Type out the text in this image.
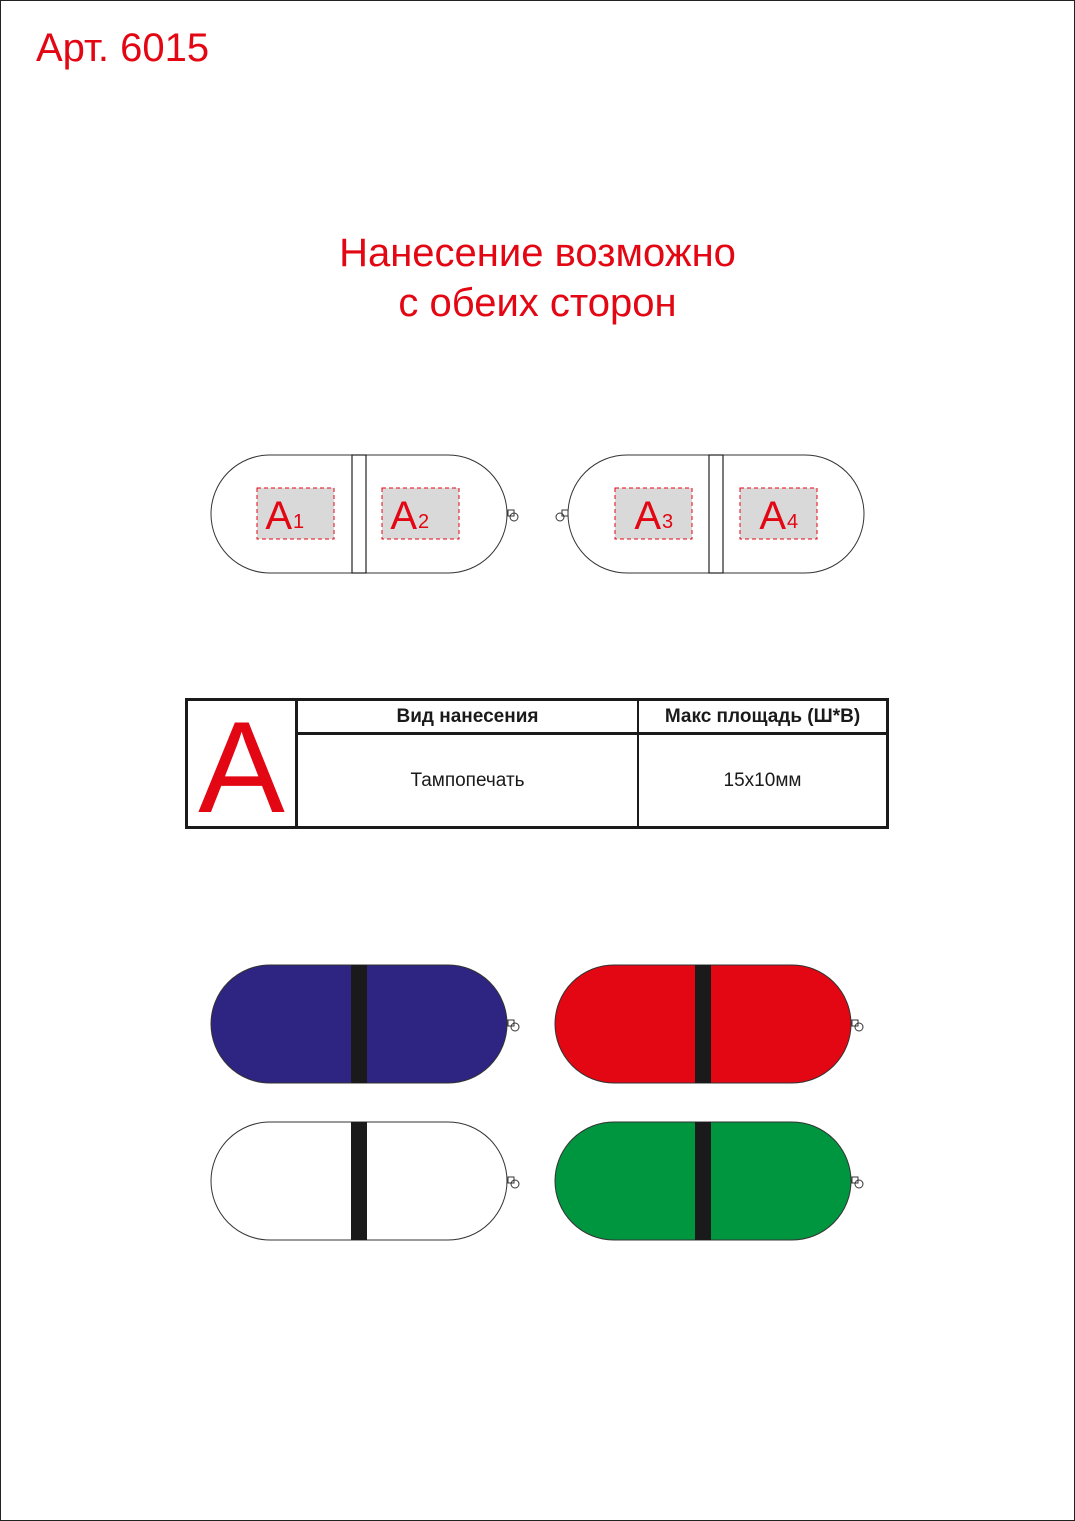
Арт. 6015
Нанесение возможно
с обеих сторон
A 1 A 2	A 3 A 4
A	Вид нанесения	Макс площадь (Ш*В)
Тампопечать	15х10мм
